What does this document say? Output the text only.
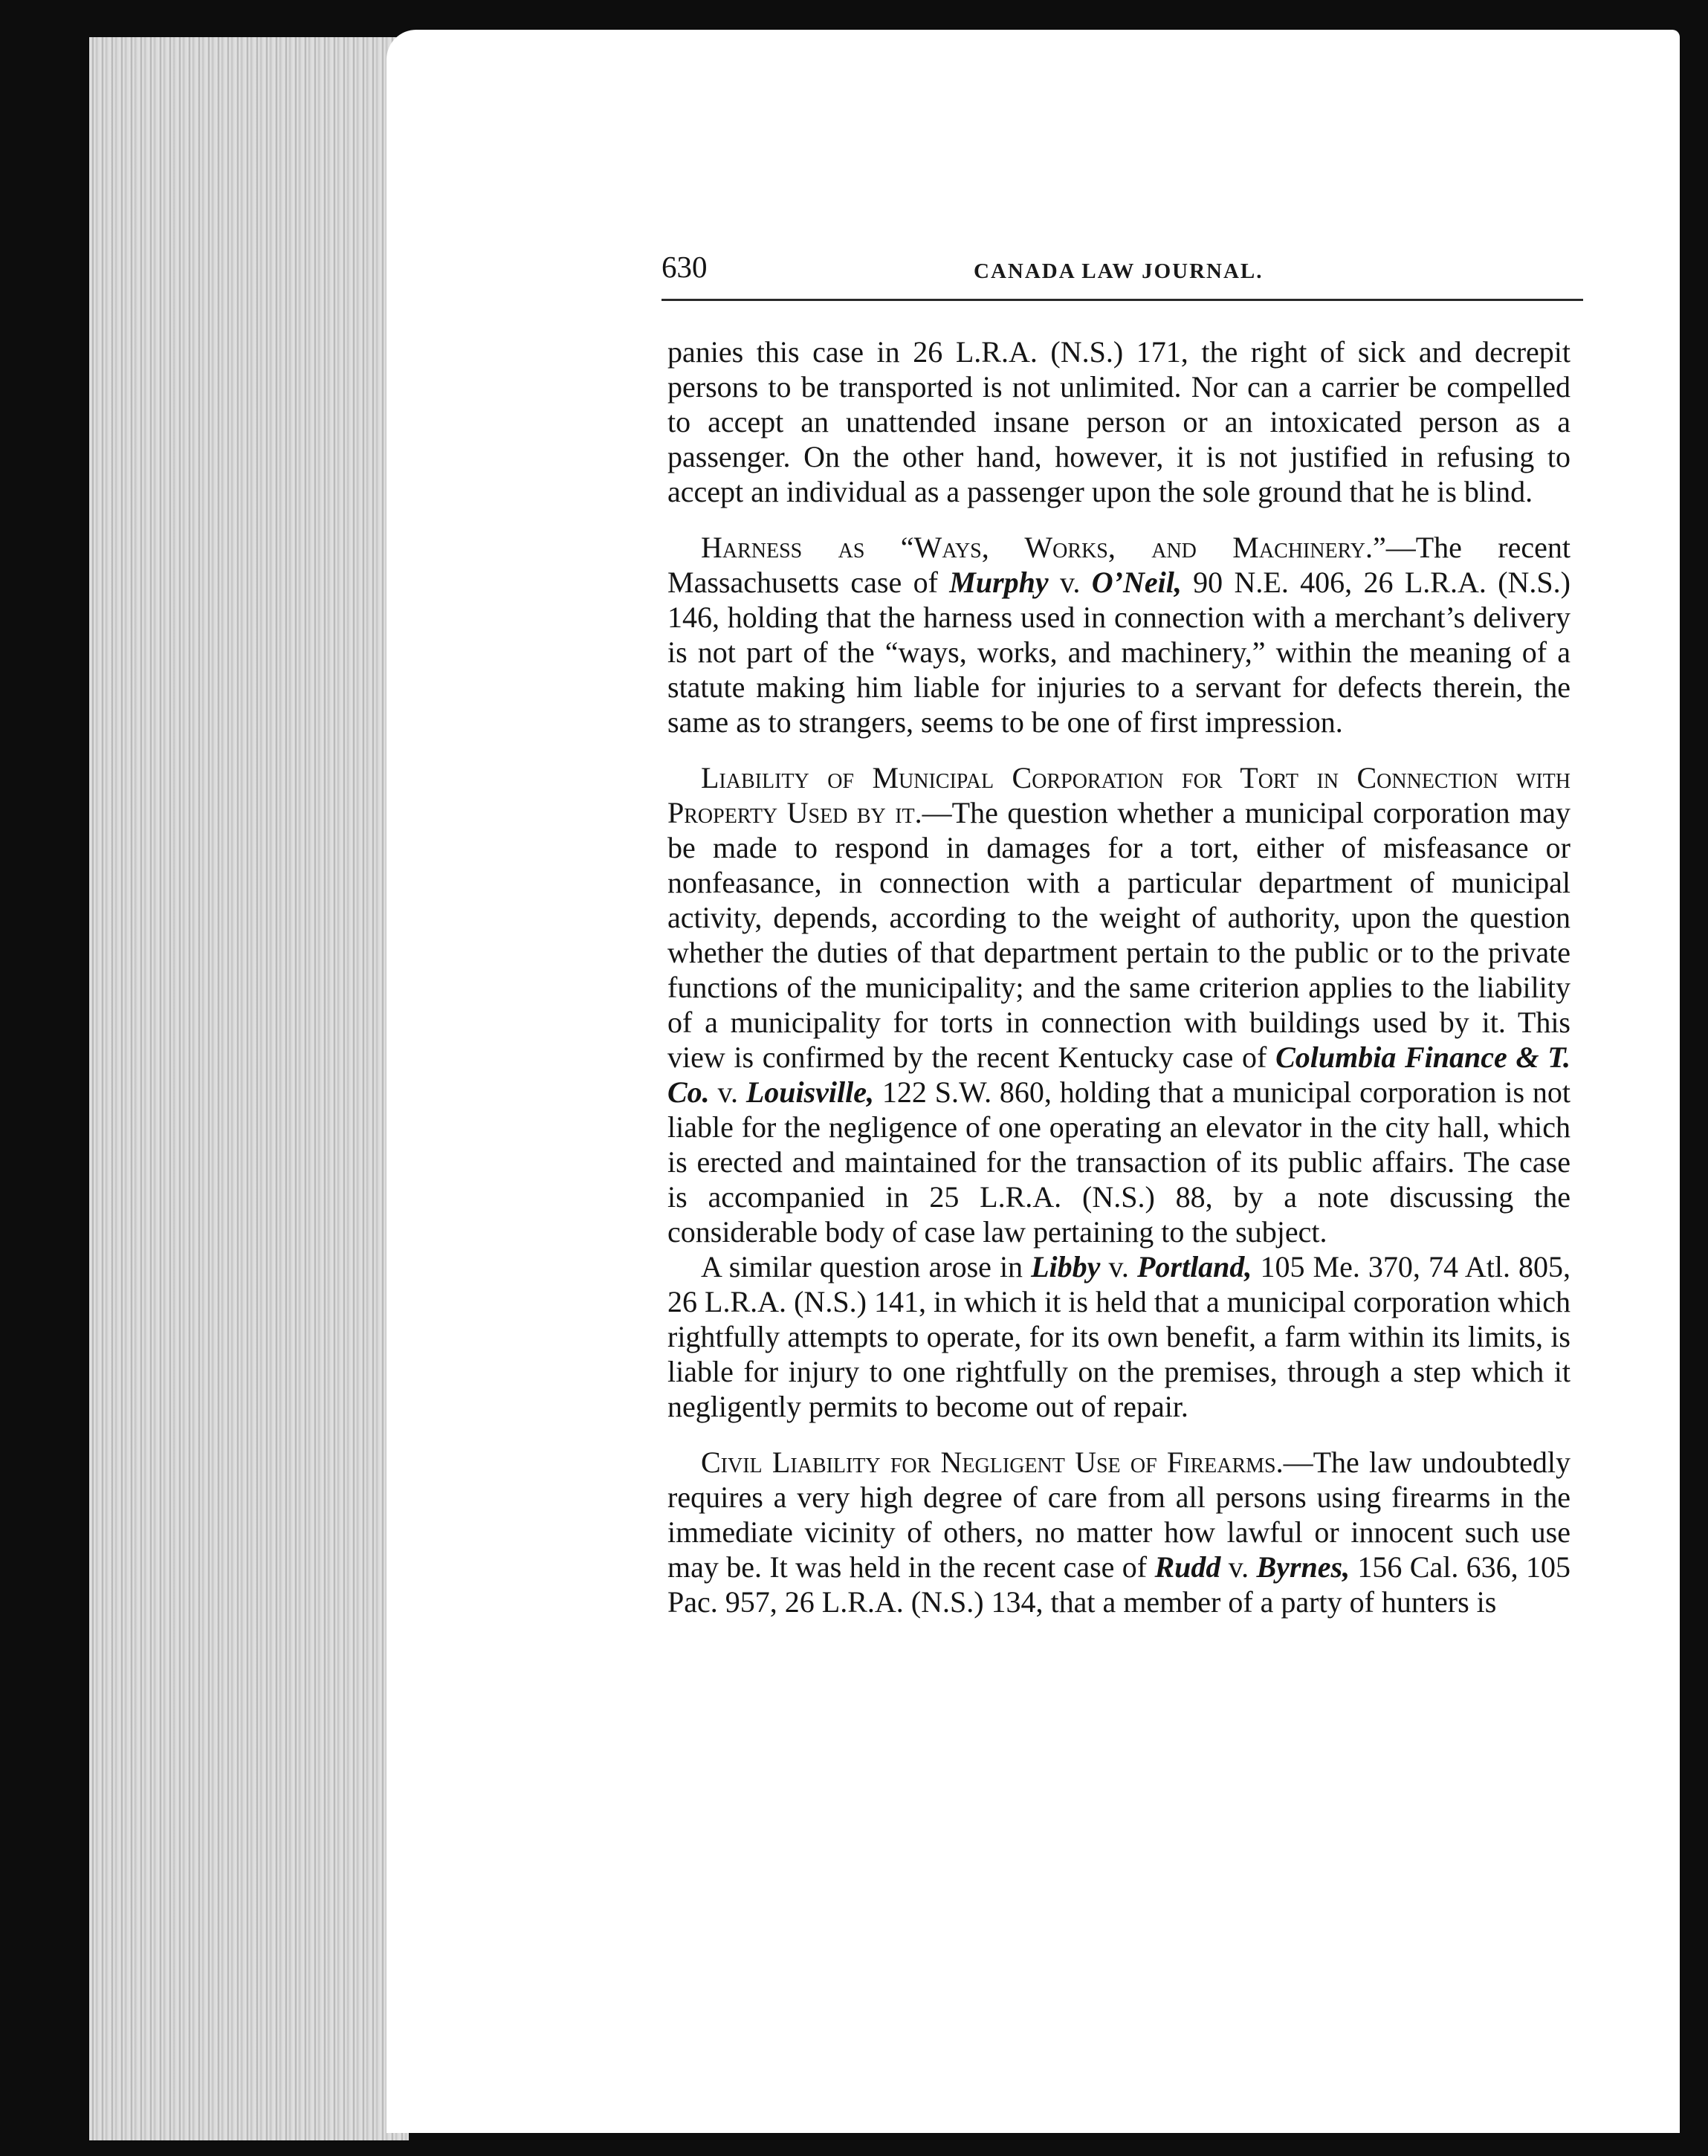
630	CANADA LAW JOURNAL.

panies this case in 26 L.R.A. (N.S.) 171, the right of sick and decrepit persons to be transported is not unlimited. Nor can a carrier be compelled to accept an unattended insane person or an intoxicated person as a passenger. On the other hand, however, it is not justified in refusing to accept an individual as a passenger upon the sole ground that he is blind.

Harness as “Ways, Works, and Machinery.”—The recent Massachusetts case of Murphy v. O’Neil, 90 N.E. 406, 26 L.R.A. (N.S.) 146, holding that the harness used in connection with a merchant’s delivery is not part of the “ways, works, and machinery,” within the meaning of a statute making him liable for injuries to a servant for defects therein, the same as to strangers, seems to be one of first impression.

Liability of Municipal Corporation for Tort in Connection with Property Used by it.—The question whether a municipal corporation may be made to respond in damages for a tort, either of misfeasance or nonfeasance, in connection with a particular department of municipal activity, depends, according to the weight of authority, upon the question whether the duties of that department pertain to the public or to the private functions of the municipality; and the same criterion applies to the liability of a municipality for torts in connection with buildings used by it. This view is confirmed by the recent Kentucky case of Columbia Finance & T. Co. v. Louisville, 122 S.W. 860, holding that a municipal corporation is not liable for the negligence of one operating an elevator in the city hall, which is erected and maintained for the transaction of its public affairs. The case is accompanied in 25 L.R.A. (N.S.) 88, by a note discussing the considerable body of case law pertaining to the subject.

A similar question arose in Libby v. Portland, 105 Me. 370, 74 Atl. 805, 26 L.R.A. (N.S.) 141, in which it is held that a municipal corporation which rightfully attempts to operate, for its own benefit, a farm within its limits, is liable for injury to one rightfully on the premises, through a step which it negligently permits to become out of repair.

Civil Liability for Negligent Use of Firearms.—The law undoubtedly requires a very high degree of care from all persons using firearms in the immediate vicinity of others, no matter how lawful or innocent such use may be. It was held in the recent case of Rudd v. Byrnes, 156 Cal. 636, 105 Pac. 957, 26 L.R.A. (N.S.) 134, that a member of a party of hunters is
